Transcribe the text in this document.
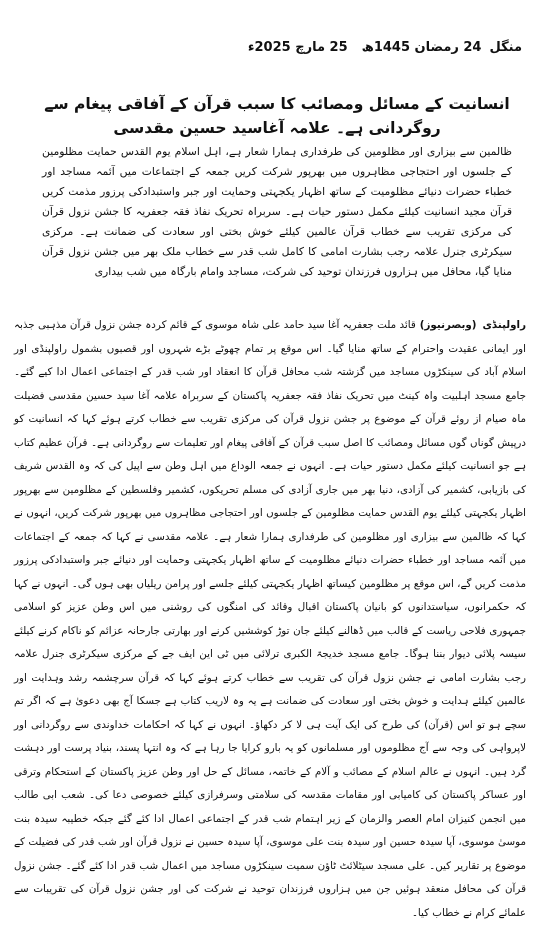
منگل
24 رمضان 1445ھ
25 مارچ 2025ء

انسانیت کے مسائل ومصائب کا سبب قرآن کے آفاقی پیغام سے روگردانی ہے۔ علامہ آغاسید حسین مقدسی

ظالمین سے بیزاری اور مظلومین کی طرفداری ہمارا شعار ہے، اہل اسلام یوم القدس حمایت مظلومین کے جلسوں اور احتجاجی مظاہروں میں بھرپور شرکت کریں جمعہ کے اجتماعات میں آئمہ مساجد اور خطباء حضرات دنیائے مظلومیت کے ساتھ اظہار یکجہتی وحمایت اور جبر واستبدادکی پرزور مذمت کریں قرآن مجید انسانیت کیلئے مکمل دستور حیات ہے۔ سربراہ تحریک نفاذ فقہ جعفریہ کا جشن نزول قرآن کی مرکزی تقریب سے خطاب قرآن عالمین کیلئے خوش بختی اور سعادت کی ضمانت ہے۔ مرکزی سیکرٹری جنرل علامہ رجب بشارت امامی کا کامل شب قدر سے خطاب ملک بھر میں جشن نزول قرآن منایا گیا، محافل میں ہزاروں فرزندان توحید کی شرکت، مساجد وامام بارگاہ میں شب بیداری

راولپنڈی(وبصرنیوز)قائد ملت جعفریہ آغا سید حامد علی شاہ موسوی کے قائم کردہ جشن نزول قرآن مذہبی جذبہ اور ایمانی عقیدت واحترام کے ساتھ منایا گیا۔ اس موقع پر تمام چھوٹے بڑے شہروں اور قصبوں بشمول راولپنڈی اور اسلام آباد کی سینکڑوں مساجد میں گزشتہ شب محافل قرآن کا انعقاد اور شب قدر کے اجتماعی اعمال ادا کیے گئے۔ جامع مسجد اہلبیت واہ کینٹ میں تحریک نفاذ فقہ جعفریہ پاکستان کے سربراہ علامہ آغا سید حسین مقدسی فضیلت ماہ صیام از روئے قرآن کے موضوع پر جشن نزول قرآن کی مرکزی تقریب سے خطاب کرتے ہوئے کہا کہ انسانیت کو درپیش گوناں گوں مسائل ومصائب کا اصل سبب قرآن کے آفاقی پیغام اور تعلیمات سے روگردانی ہے۔ قرآن عظیم کتاب ہے جو انسانیت کیلئے مکمل دستور حیات ہے۔ انہوں نے جمعہ الوداع میں اہل وطن سے اپیل کی کہ وہ القدس شریف کی بازیابی، کشمیر کی آزادی، دنیا بھر میں جاری آزادی کی مسلم تحریکوں، کشمیر وفلسطین کے مظلومین سے بھرپور اظہار یکجہتی کیلئے یوم القدس حمایت مظلومین کے جلسوں اور احتجاجی مظاہروں میں بھرپور شرکت کریں، انہوں نے کہا کہ ظالمین سے بیزاری اور مظلومین کی طرفداری ہمارا شعار ہے۔ علامہ مقدسی نے کہا کہ جمعہ کے اجتماعات میں آئمہ مساجد اور خطباء حضرات دنیائے مظلومیت کے ساتھ اظہار یکجہتی وحمایت اور دنیائے جبر واستبدادکی پرزور مذمت کریں گے، اس موقع پر مظلومین کیساتھ اظہار یکجہتی کیلئے جلسے اور پرامن ریلیاں بھی ہوں گی۔ انہوں نے کہا کہ حکمرانوں، سیاستدانوں کو بانیان پاکستان اقبال وقائد کی امنگوں کی روشنی میں اس وطن عزیز کو اسلامی جمہوری فلاحی ریاست کے قالب میں ڈھالنے کیلئے جان توڑ کوششیں کرنے اور بھارتی جارحانہ عزائم کو ناکام کرنے کیلئے سیسہ پلائی دیوار بننا ہوگا۔ جامع مسجد خدیجۃ الکبری ترلائی میں ٹی این ایف جے کے مرکزی سیکرٹری جنرل علامہ رجب بشارت امامی نے جشن نزول قرآن کی تقریب سے خطاب کرتے ہوئے کہا کہ قرآن سرچشمہ رشد وہدایت اور عالمین کیلئے ہدایت و خوش بختی اور سعادت کی ضمانت ہے یہ وہ لاریب کتاب ہے جسکا آج بھی دعویٰ ہے کہ اگر تم سچے ہو تو اس (قرآن) کی طرح کی ایک آیت ہی لا کر دکھاؤ۔ انہوں نے کہا کہ احکامات خداوندی سے روگردانی اور لاپرواہی کی وجہ سے آج مظلوموں اور مسلمانوں کو یہ بارو کرایا جا رہا ہے کہ وہ انتہا پسند، بنیاد پرست اور دہشت گرد ہیں۔ انہوں نے عالم اسلام کے مصائب و آلام کے خاتمہ، مسائل کے حل اور وطن عزیز پاکستان کے استحکام وترقی اور عساکر پاکستان کی کامیابی اور مقامات مقدسہ کی سلامتی وسرفرازی کیلئے خصوصی دعا کی۔ شعب ابی طالب میں انجمن کنیزان امام العصر والزمان کے زیر اہتمام شب قدر کے اجتماعی اعمال ادا کئے گئے جبکہ خطیبہ سیدہ بنت موسیٰ موسوی، آپا سیدہ حسین اور سیدہ بنت علی موسوی، آپا سیدہ حسین نے نزول قرآن اور شب قدر کی فضیلت کے موضوع پر تقاریر کیں۔ علی مسجد سیٹلائٹ ٹاؤن سمیت سینکڑوں مساجد میں اعمال شب قدر ادا کئے گئے۔ جشن نزول قرآن کی محافل منعقد ہوئیں جن میں ہزاروں فرزندان توحید نے شرکت کی اور جشن نزول قرآن کی تقریبات سے علمائے کرام نے خطاب کیا۔
